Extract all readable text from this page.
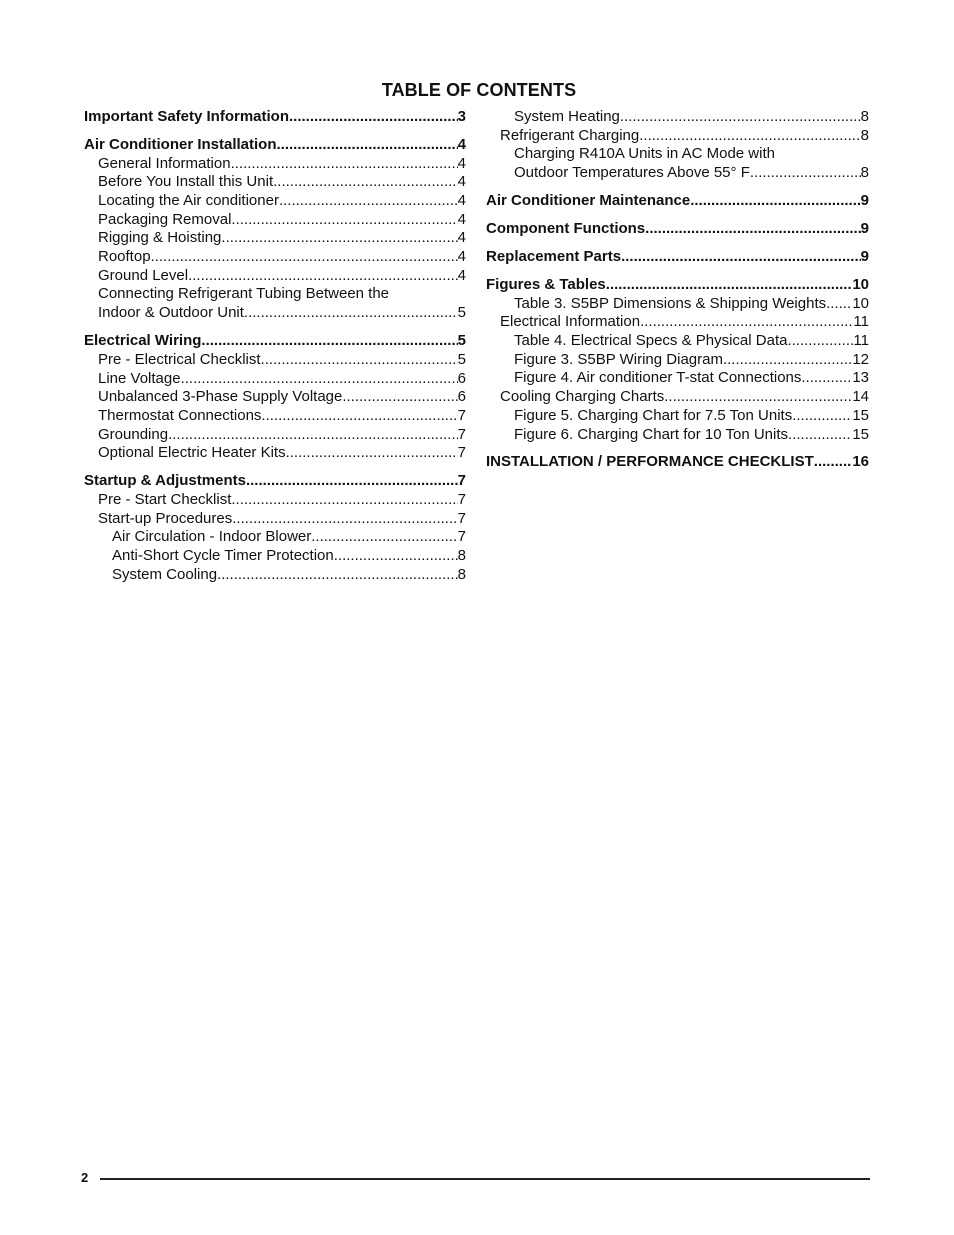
TABLE OF CONTENTS
Important Safety Information .....	3
Air Conditioner Installation .....	4
General Information .....	4
Before You Install this Unit .....	4
Locating the Air conditioner .....	4
Packaging Removal .....	4
Rigging & Hoisting .....	4
Rooftop .....	4
Ground Level .....	4
Connecting Refrigerant Tubing Between the
Indoor & Outdoor Unit .....	5
Electrical Wiring .....	5
Pre - Electrical Checklist .....	5
Line Voltage .....	6
Unbalanced 3-Phase Supply Voltage .....	6
Thermostat Connections .....	7
Grounding .....	7
Optional Electric Heater Kits .....	7
Startup & Adjustments .....	7
Pre - Start Checklist .....	7
Start-up Procedures .....	7
Air Circulation - Indoor Blower .....	7
Anti-Short Cycle Timer Protection .....	8
System Cooling .....	8
System Heating .....	8
Refrigerant Charging .....	8
Charging R410A Units in AC Mode with
Outdoor Temperatures Above 55° F .....	8
Air Conditioner Maintenance .....	9
Component Functions .....	9
Replacement Parts .....	9
Figures & Tables .....	10
Table 3. S5BP Dimensions & Shipping Weights ..... 10
Electrical Information .....	11
Table 4. Electrical Specs & Physical Data .....	11
Figure 3. S5BP Wiring Diagram .....	12
Figure 4. Air conditioner T-stat Connections .....	13
Cooling Charging Charts .....	14
Figure 5. Charging Chart for 7.5 Ton Units .....	15
Figure 6. Charging Chart for 10 Ton Units .....	15
INSTALLATION / PERFORMANCE CHECKLIST .....	16
2
